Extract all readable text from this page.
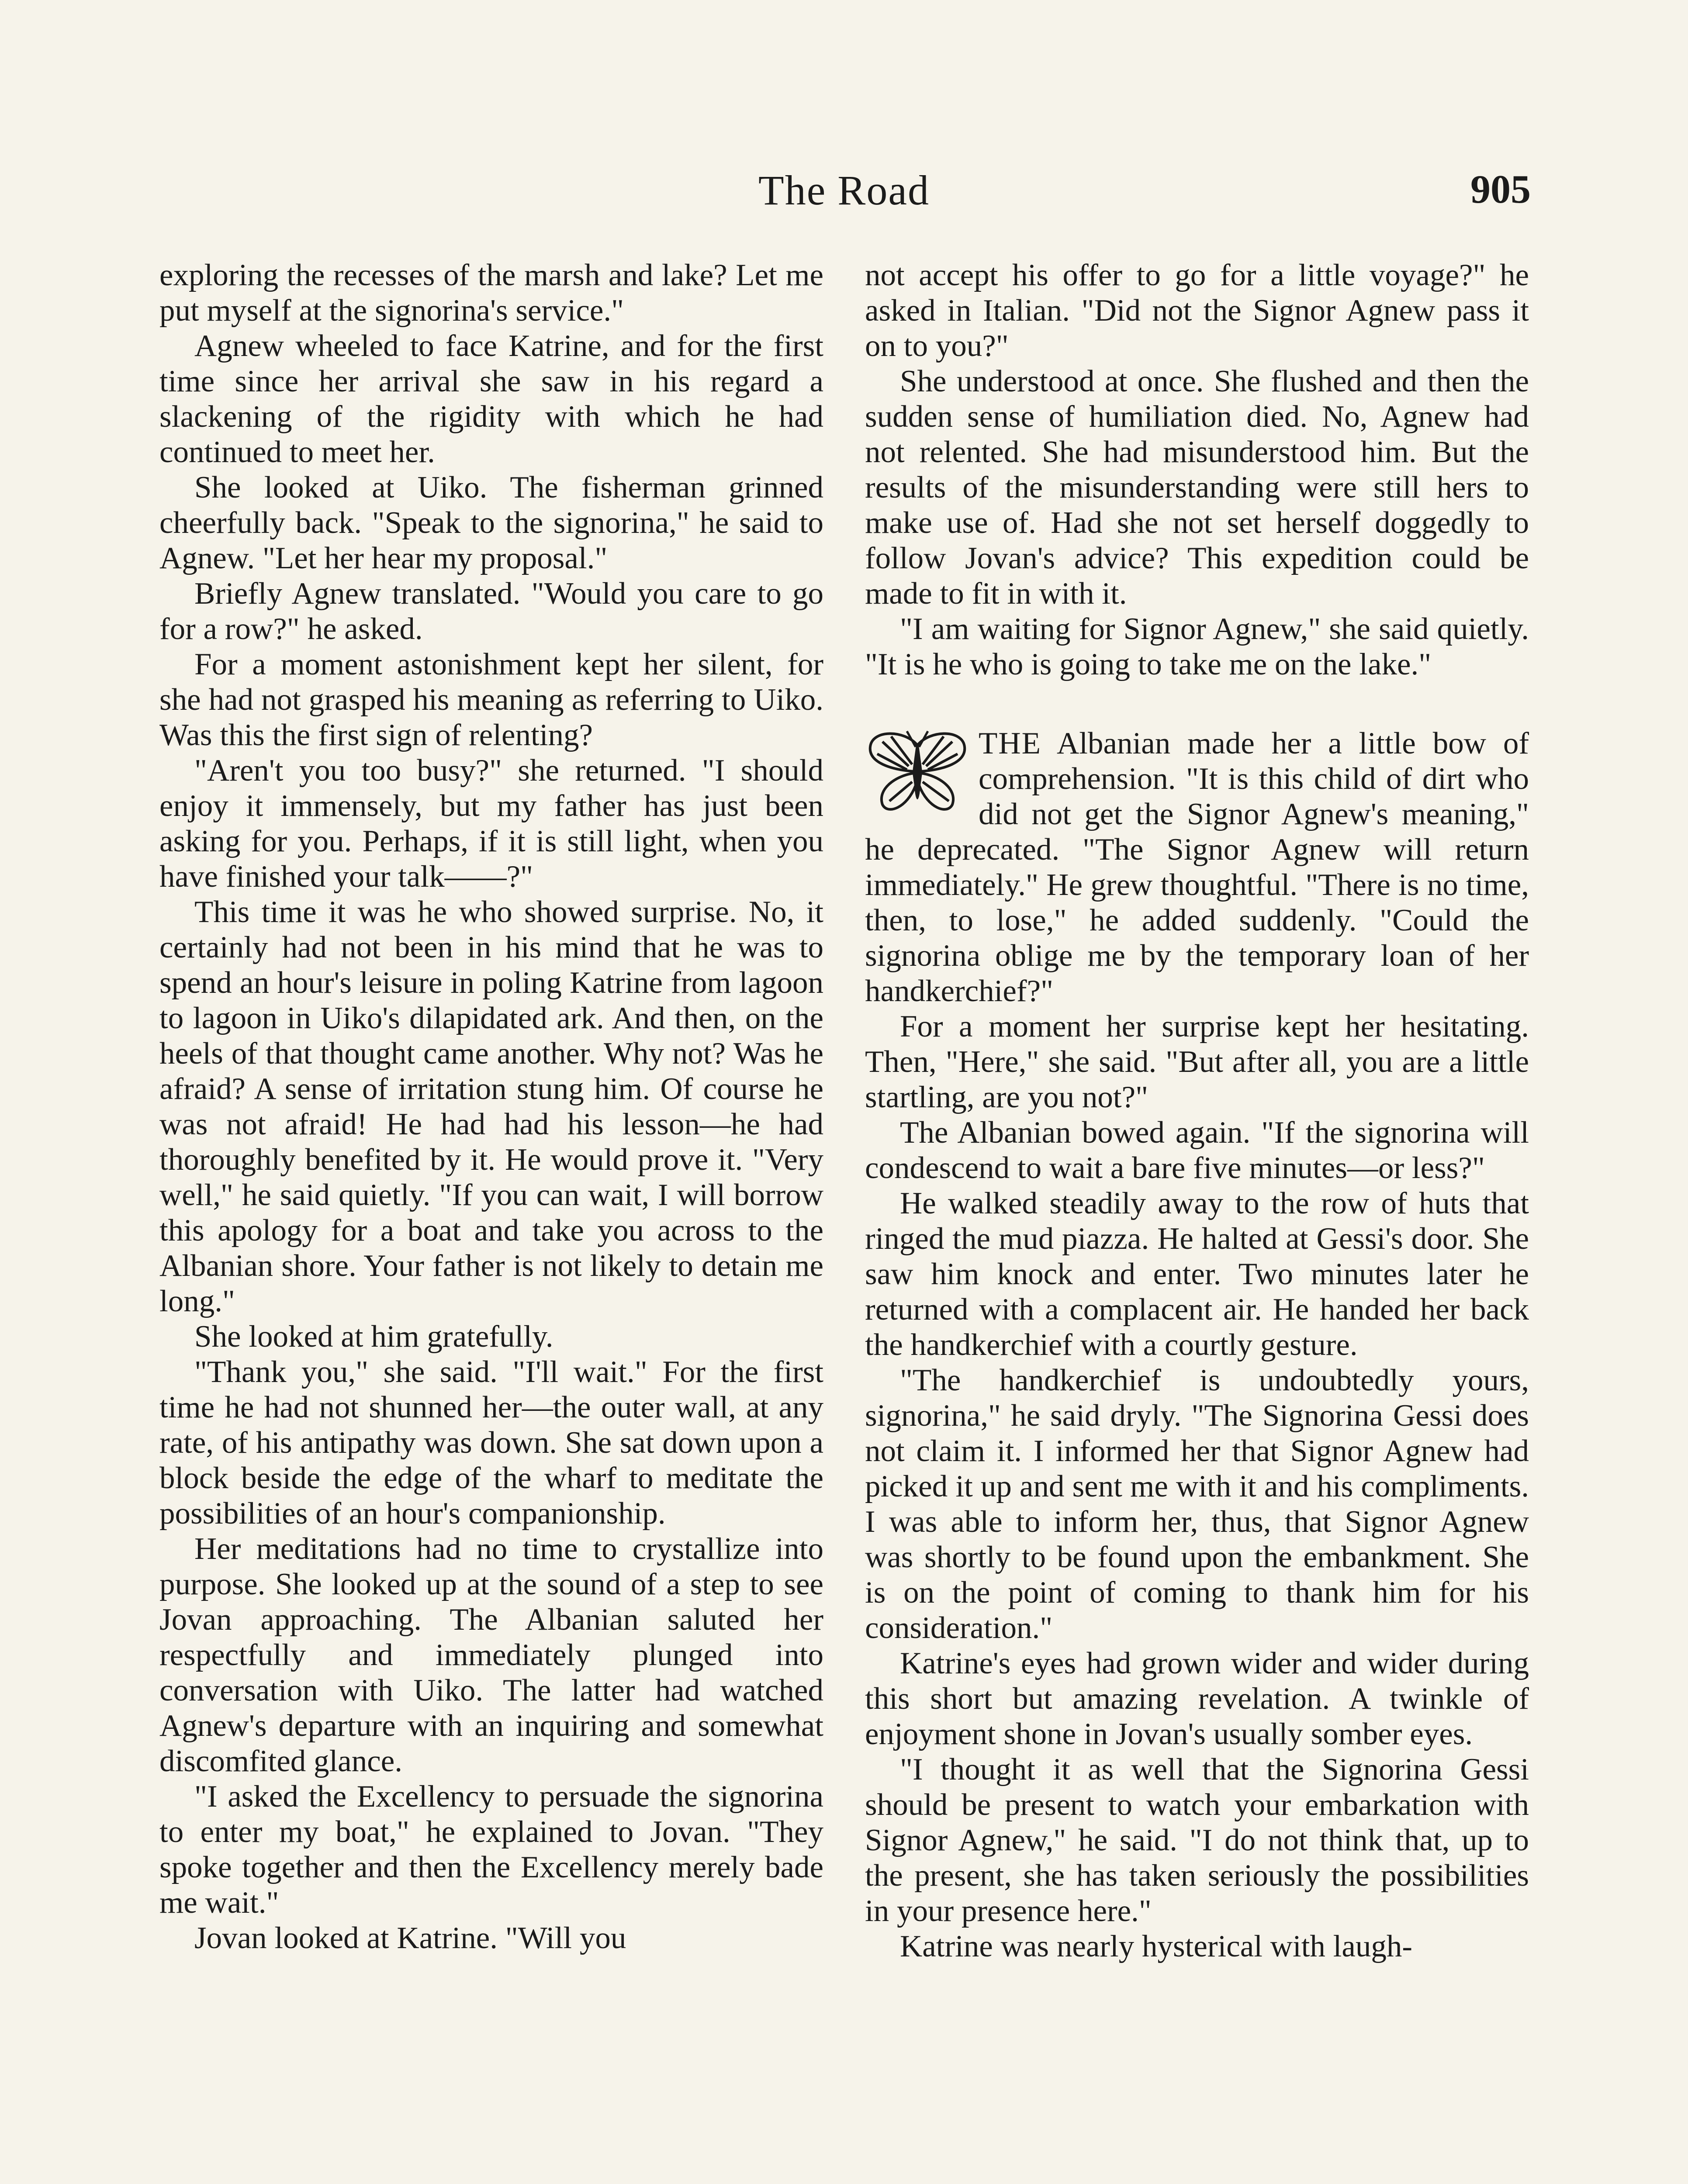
The Road	905

exploring the recesses of the marsh and lake? Let me put myself at the signorina's service."

Agnew wheeled to face Katrine, and for the first time since her arrival she saw in his regard a slackening of the rigidity with which he had continued to meet her.

She looked at Uiko. The fisherman grinned cheerfully back. "Speak to the signorina," he said to Agnew. "Let her hear my proposal."

Briefly Agnew translated. "Would you care to go for a row?" he asked.

For a moment astonishment kept her silent, for she had not grasped his meaning as referring to Uiko. Was this the first sign of relenting?

"Aren't you too busy?" she returned. "I should enjoy it immensely, but my father has just been asking for you. Perhaps, if it is still light, when you have finished your talk——?"

This time it was he who showed surprise. No, it certainly had not been in his mind that he was to spend an hour's leisure in poling Katrine from lagoon to lagoon in Uiko's dilapidated ark. And then, on the heels of that thought came another. Why not? Was he afraid? A sense of irritation stung him. Of course he was not afraid! He had had his lesson—he had thoroughly benefited by it. He would prove it. "Very well," he said quietly. "If you can wait, I will borrow this apology for a boat and take you across to the Albanian shore. Your father is not likely to detain me long."

She looked at him gratefully.

"Thank you," she said. "I'll wait." For the first time he had not shunned her—the outer wall, at any rate, of his antipathy was down. She sat down upon a block beside the edge of the wharf to meditate the possibilities of an hour's companionship.

Her meditations had no time to crystallize into purpose. She looked up at the sound of a step to see Jovan approaching. The Albanian saluted her respectfully and immediately plunged into conversation with Uiko. The latter had watched Agnew's departure with an inquiring and somewhat discomfited glance.

"I asked the Excellency to persuade the signorina to enter my boat," he explained to Jovan. "They spoke together and then the Excellency merely bade me wait."

Jovan looked at Katrine. "Will you

not accept his offer to go for a little voyage?" he asked in Italian. "Did not the Signor Agnew pass it on to you?"

She understood at once. She flushed and then the sudden sense of humiliation died. No, Agnew had not relented. She had misunderstood him. But the results of the misunderstanding were still hers to make use of. Had she not set herself doggedly to follow Jovan's advice? This expedition could be made to fit in with it.

"I am waiting for Signor Agnew," she said quietly. "It is he who is going to take me on the lake."

THE Albanian made her a little bow of comprehension. "It is this child of dirt who did not get the Signor Agnew's meaning," he deprecated. "The Signor Agnew will return immediately." He grew thoughtful. "There is no time, then, to lose," he added suddenly. "Could the signorina oblige me by the temporary loan of her handkerchief?"

For a moment her surprise kept her hesitating. Then, "Here," she said. "But after all, you are a little startling, are you not?"

The Albanian bowed again. "If the signorina will condescend to wait a bare five minutes—or less?"

He walked steadily away to the row of huts that ringed the mud piazza. He halted at Gessi's door. She saw him knock and enter. Two minutes later he returned with a complacent air. He handed her back the handkerchief with a courtly gesture.

"The handkerchief is undoubtedly yours, signorina," he said dryly. "The Signorina Gessi does not claim it. I informed her that Signor Agnew had picked it up and sent me with it and his compliments. I was able to inform her, thus, that Signor Agnew was shortly to be found upon the embankment. She is on the point of coming to thank him for his consideration."

Katrine's eyes had grown wider and wider during this short but amazing revelation. A twinkle of enjoyment shone in Jovan's usually somber eyes.

"I thought it as well that the Signorina Gessi should be present to watch your embarkation with Signor Agnew," he said. "I do not think that, up to the present, she has taken seriously the possibilities in your presence here."

Katrine was nearly hysterical with laugh-
